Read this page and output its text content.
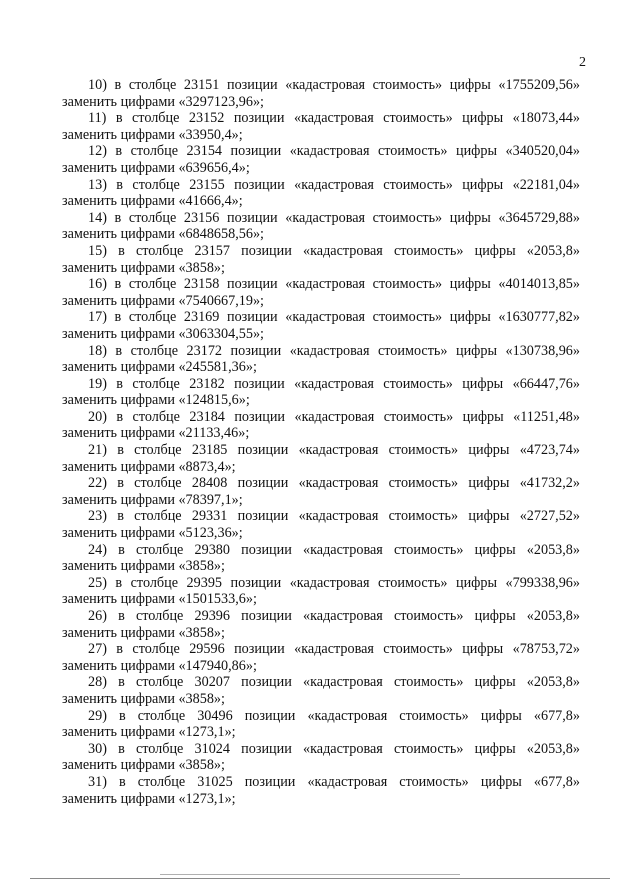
2
10) в столбце 23151 позиции «кадастровая стоимость» цифры «1755209,56»
заменить цифрами «3297123,96»;
11) в столбце 23152 позиции «кадастровая стоимость» цифры «18073,44»
заменить цифрами «33950,4»;
12) в столбце 23154 позиции «кадастровая стоимость» цифры «340520,04»
заменить цифрами «639656,4»;
13) в столбце 23155 позиции «кадастровая стоимость» цифры «22181,04»
заменить цифрами «41666,4»;
14) в столбце 23156 позиции «кадастровая стоимость» цифры «3645729,88»
заменить цифрами «6848658,56»;
15) в столбце 23157 позиции «кадастровая стоимость» цифры «2053,8»
заменить цифрами «3858»;
16) в столбце 23158 позиции «кадастровая стоимость» цифры «4014013,85»
заменить цифрами «7540667,19»;
17) в столбце 23169 позиции «кадастровая стоимость» цифры «1630777,82»
заменить цифрами «3063304,55»;
18) в столбце 23172 позиции «кадастровая стоимость» цифры «130738,96»
заменить цифрами «245581,36»;
19) в столбце 23182 позиции «кадастровая стоимость» цифры «66447,76»
заменить цифрами «124815,6»;
20) в столбце 23184 позиции «кадастровая стоимость» цифры «11251,48»
заменить цифрами «21133,46»;
21) в столбце 23185 позиции «кадастровая стоимость» цифры «4723,74»
заменить цифрами «8873,4»;
22) в столбце 28408 позиции «кадастровая стоимость» цифры «41732,2»
заменить цифрами «78397,1»;
23) в столбце 29331 позиции «кадастровая стоимость» цифры «2727,52»
заменить цифрами «5123,36»;
24) в столбце 29380 позиции «кадастровая стоимость» цифры «2053,8»
заменить цифрами «3858»;
25) в столбце 29395 позиции «кадастровая стоимость» цифры «799338,96»
заменить цифрами «1501533,6»;
26) в столбце 29396 позиции «кадастровая стоимость» цифры «2053,8»
заменить цифрами «3858»;
27) в столбце 29596 позиции «кадастровая стоимость» цифры «78753,72»
заменить цифрами «147940,86»;
28) в столбце 30207 позиции «кадастровая стоимость» цифры «2053,8»
заменить цифрами «3858»;
29) в столбце 30496 позиции «кадастровая стоимость» цифры «677,8»
заменить цифрами «1273,1»;
30) в столбце 31024 позиции «кадастровая стоимость» цифры «2053,8»
заменить цифрами «3858»;
31) в столбце 31025 позиции «кадастровая стоимость» цифры «677,8»
заменить цифрами «1273,1»;
